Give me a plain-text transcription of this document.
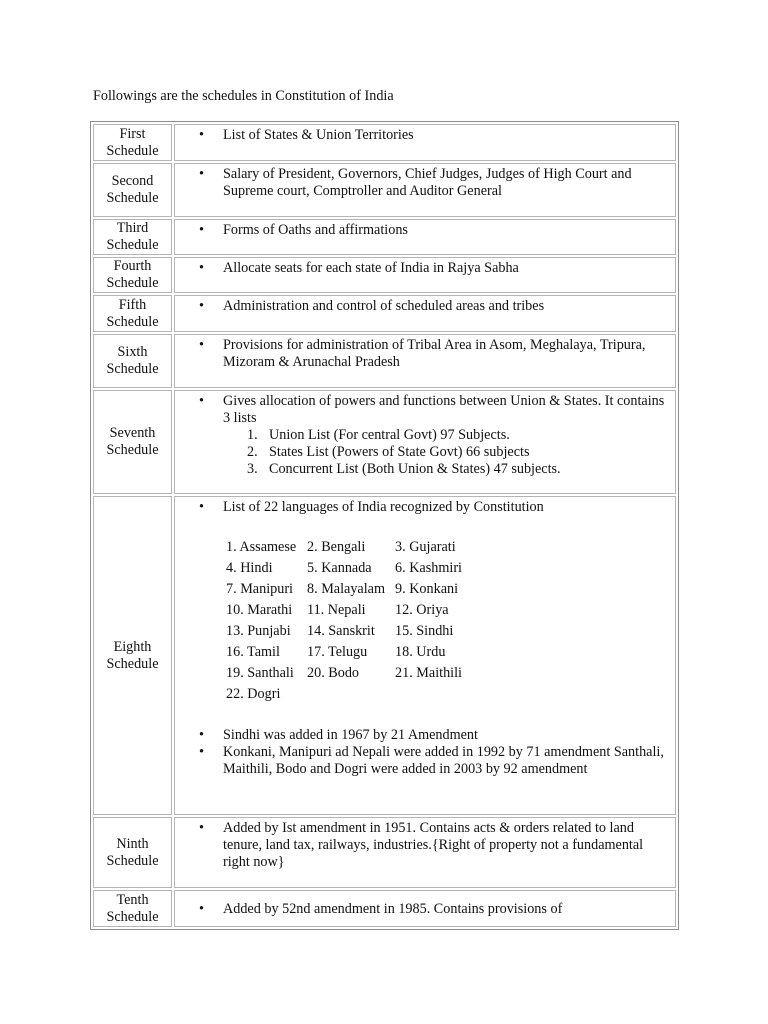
Followings are the schedules in Constitution of India

First
Schedule
• List of States & Union Territories
Second
Schedule
• Salary of President, Governors, Chief Judges, Judges of High Court and Supreme court, Comptroller and Auditor General
Third
Schedule
• Forms of Oaths and affirmations
Fourth
Schedule
• Allocate seats for each state of India in Rajya Sabha
Fifth
Schedule
• Administration and control of scheduled areas and tribes
Sixth
Schedule
• Provisions for administration of Tribal Area in Asom, Meghalaya, Tripura, Mizoram & Arunachal Pradesh
Seventh
Schedule
• Gives allocation of powers and functions between Union & States. It contains 3 lists
1. Union List (For central Govt) 97 Subjects.
2. States List (Powers of State Govt) 66 subjects
3. Concurrent List (Both Union & States) 47 subjects.
Eighth
Schedule
• List of 22 languages of India recognized by Constitution
1. Assamese	2. Bengali	3. Gujarati
4. Hindi	5. Kannada	6. Kashmiri
7. Manipuri	8. Malayalam	9. Konkani
10. Marathi	11. Nepali	12. Oriya
13. Punjabi	14. Sanskrit	15. Sindhi
16. Tamil	17. Telugu	18. Urdu
19. Santhali	20. Bodo	21. Maithili
22. Dogri		
• Sindhi was added in 1967 by 21 Amendment
• Konkani, Manipuri ad Nepali were added in 1992 by 71 amendment Santhali, Maithili, Bodo and Dogri were added in 2003 by 92 amendment
Ninth
Schedule
• Added by Ist amendment in 1951. Contains acts & orders related to land tenure, land tax, railways, industries.{Right of property not a fundamental right now}
Tenth
Schedule	• Added by 52nd amendment in 1985. Contains provisions of
